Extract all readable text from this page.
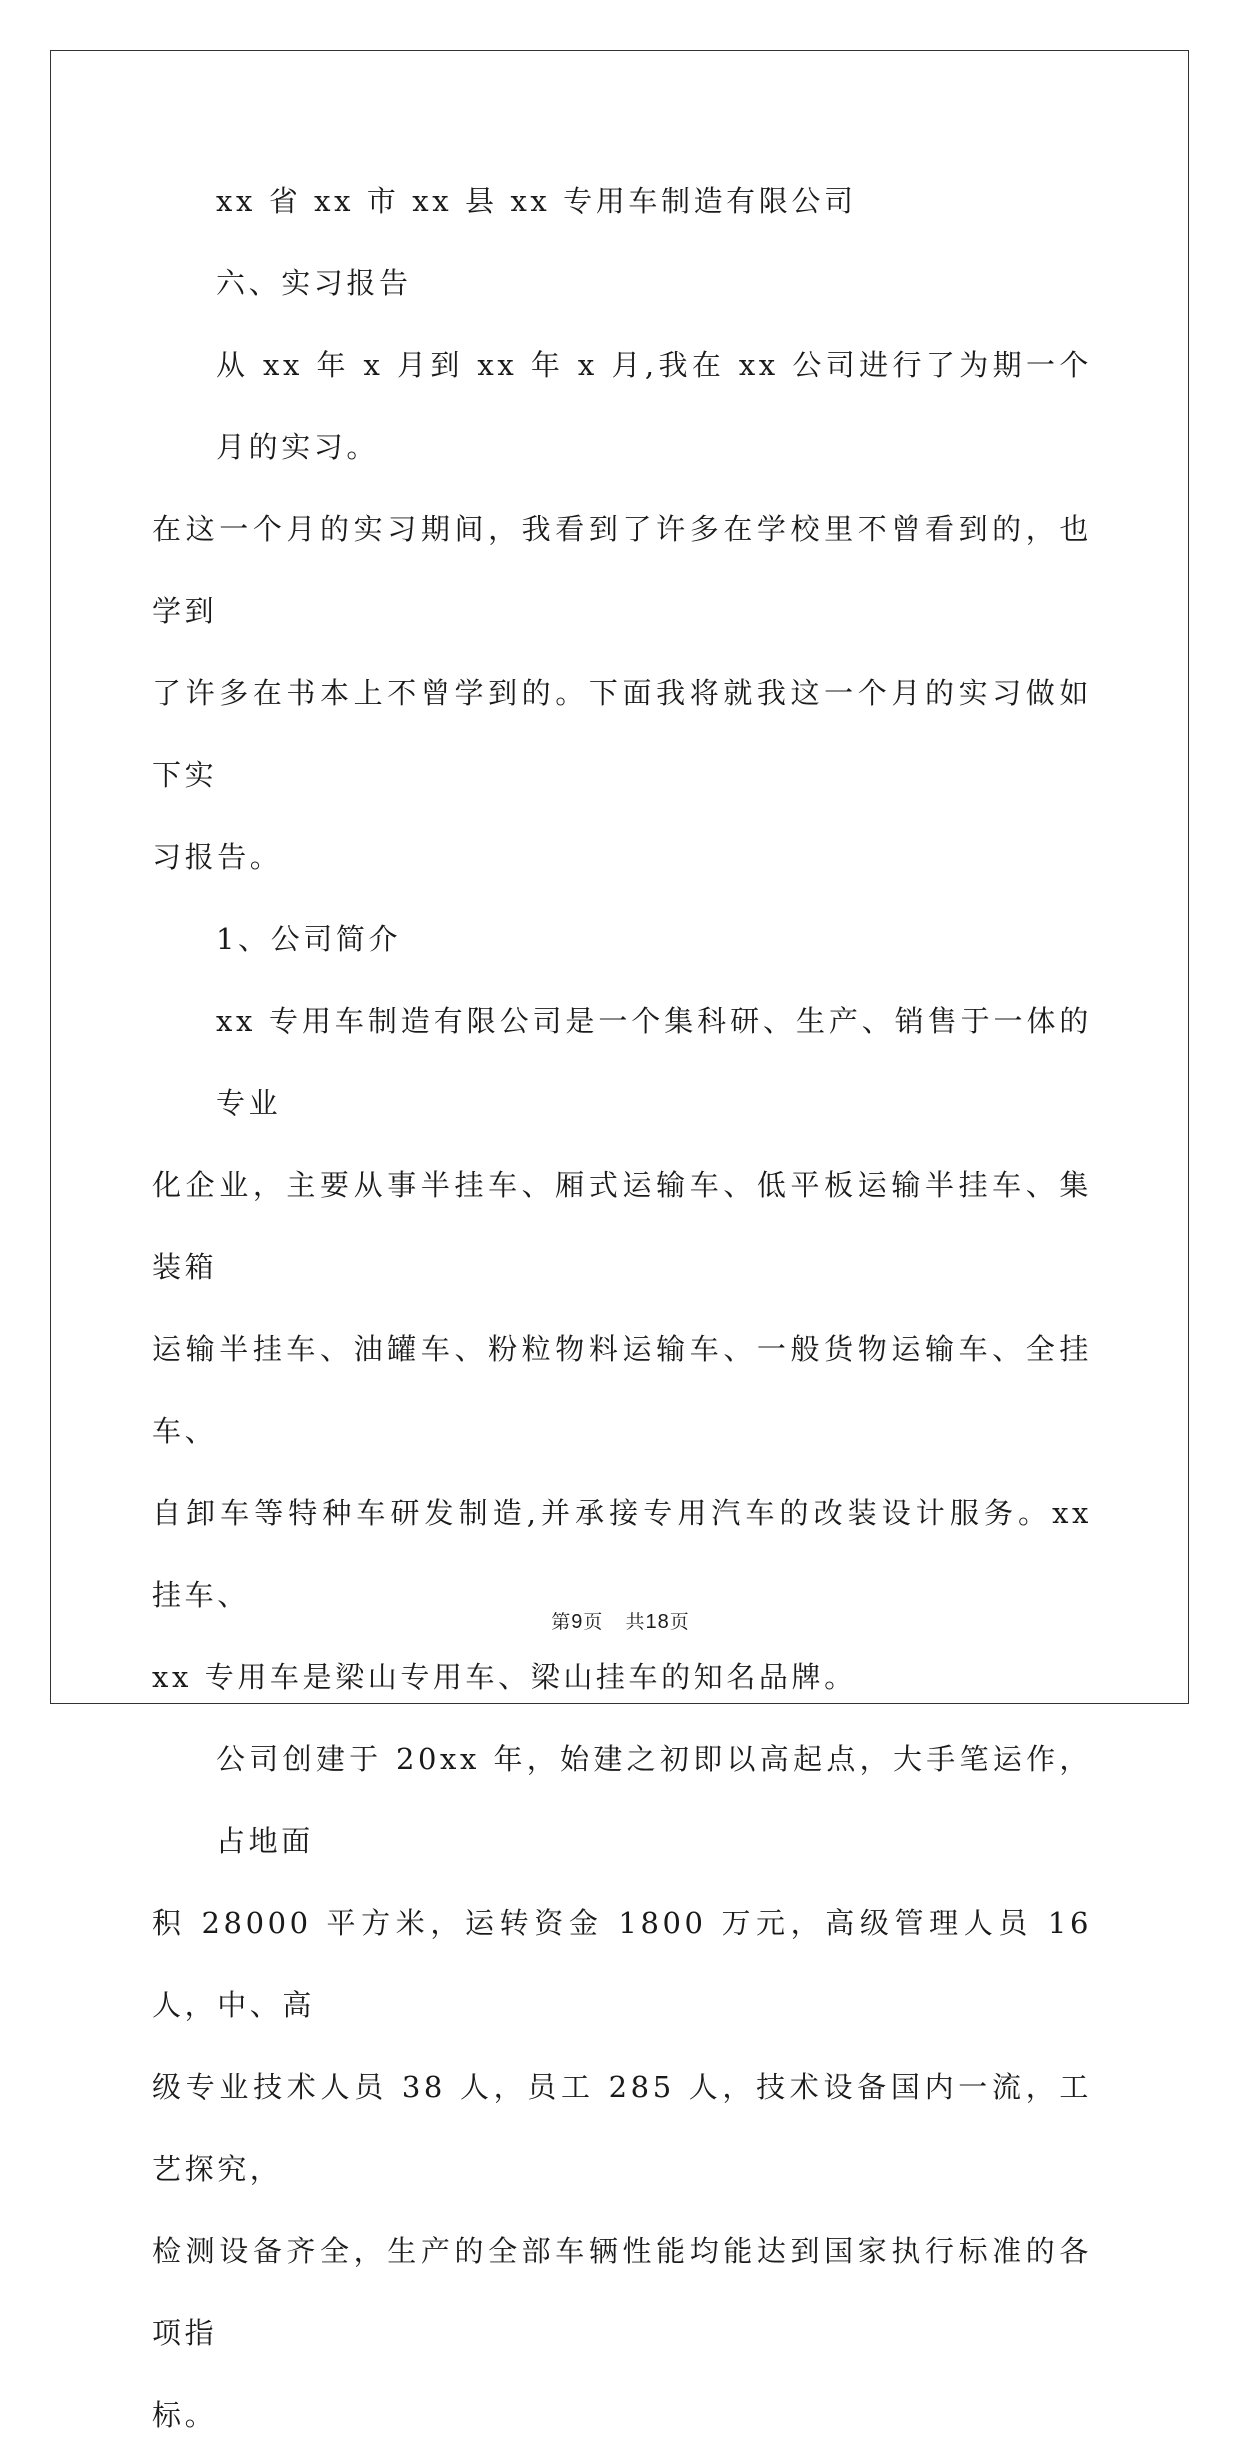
xx 省 xx 市 xx 县 xx 专用车制造有限公司
六、实习报告
从 xx 年 x 月到 xx 年 x 月,我在 xx 公司进行了为期一个月的实习。
在这一个月的实习期间，我看到了许多在学校里不曾看到的，也学到
了许多在书本上不曾学到的。下面我将就我这一个月的实习做如下实
习报告。
1、公司简介
xx 专用车制造有限公司是一个集科研、生产、销售于一体的专业
化企业，主要从事半挂车、厢式运输车、低平板运输半挂车、集装箱
运输半挂车、油罐车、粉粒物料运输车、一般货物运输车、全挂车、
自卸车等特种车研发制造,并承接专用汽车的改装设计服务。xx 挂车、
xx 专用车是梁山专用车、梁山挂车的知名品牌。
公司创建于 20xx 年，始建之初即以高起点，大手笔运作，占地面
积 28000 平方米，运转资金 1800 万元，高级管理人员 16 人，中、高
级专业技术人员 38 人，员工 285 人，技术设备国内一流，工艺探究，
检测设备齐全，生产的全部车辆性能均能达到国家执行标准的各项指
标。
第9页 共18页
